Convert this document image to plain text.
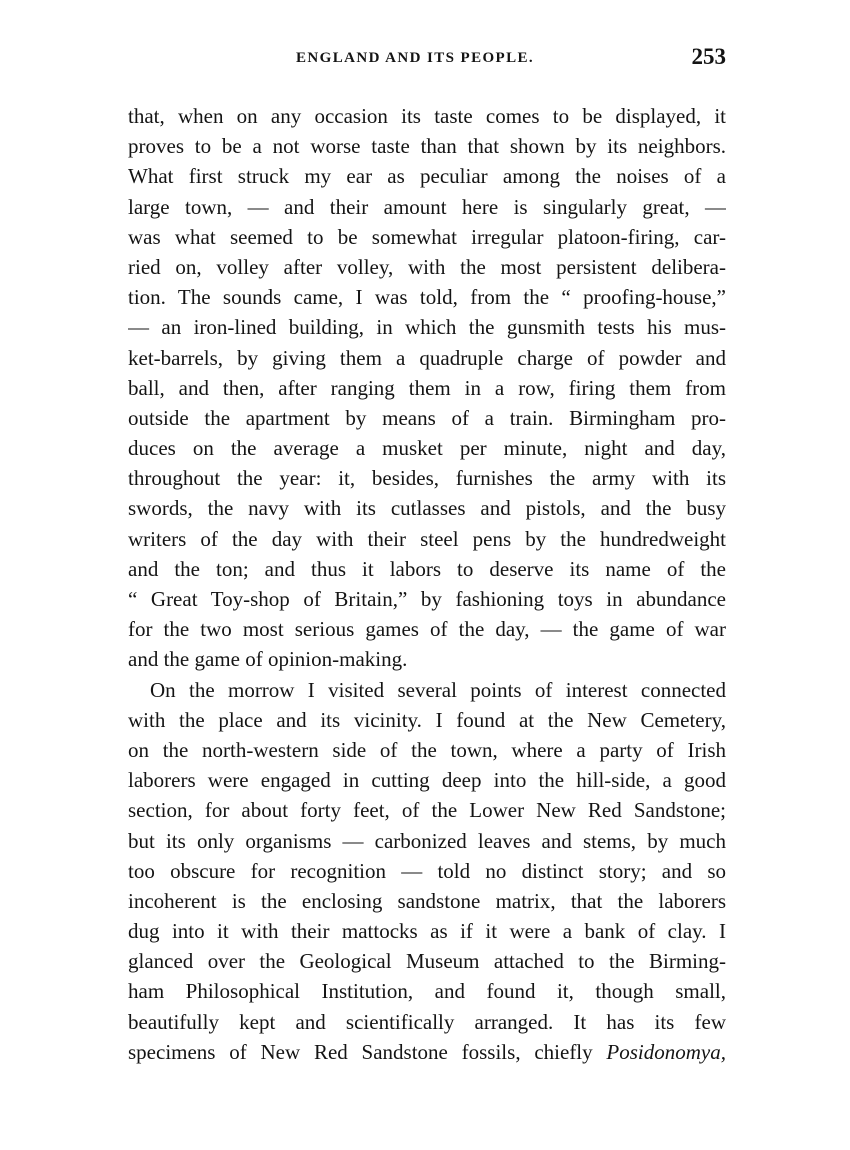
ENGLAND AND ITS PEOPLE.	253
that, when on any occasion its taste comes to be displayed, it
proves to be a not worse taste than that shown by its neighbors.
What first struck my ear as peculiar among the noises of a
large town, — and their amount here is singularly great, —
was what seemed to be somewhat irregular platoon-firing, car-
ried on, volley after volley, with the most persistent delibera-
tion. The sounds came, I was told, from the “ proofing-house,”
— an iron-lined building, in which the gunsmith tests his mus-
ket-barrels, by giving them a quadruple charge of powder and
ball, and then, after ranging them in a row, firing them from
outside the apartment by means of a train. Birmingham pro-
duces on the average a musket per minute, night and day,
throughout the year: it, besides, furnishes the army with its
swords, the navy with its cutlasses and pistols, and the busy
writers of the day with their steel pens by the hundredweight
and the ton; and thus it labors to deserve its name of the
“ Great Toy-shop of Britain,” by fashioning toys in abundance
for the two most serious games of the day, — the game of war
and the game of opinion-making.
On the morrow I visited several points of interest connected
with the place and its vicinity. I found at the New Cemetery,
on the north-western side of the town, where a party of Irish
laborers were engaged in cutting deep into the hill-side, a good
section, for about forty feet, of the Lower New Red Sandstone;
but its only organisms — carbonized leaves and stems, by much
too obscure for recognition — told no distinct story; and so
incoherent is the enclosing sandstone matrix, that the laborers
dug into it with their mattocks as if it were a bank of clay. I
glanced over the Geological Museum attached to the Birming-
ham Philosophical Institution, and found it, though small,
beautifully kept and scientifically arranged. It has its few
specimens of New Red Sandstone fossils, chiefly Posidonomya,
